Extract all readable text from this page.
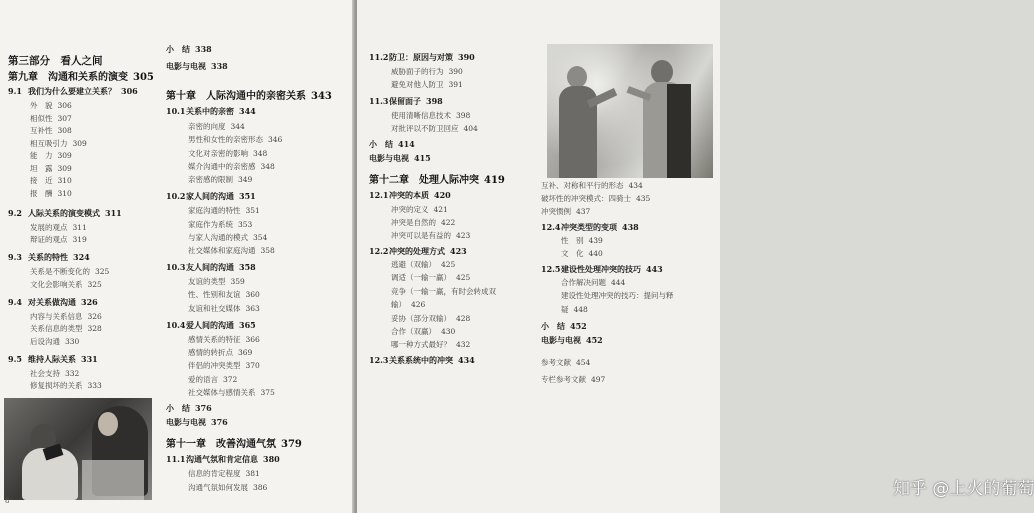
第三部分　看人之间
第九章　沟通和关系的演变 305
9.1 我们为什么要建立关系？ 306
外　貌 306
相似性 307
互补性 308
相互吸引力 309
能　力 309
坦　露 309
接　近 310
报　酬 310
9.2 人际关系的演变模式 311
发展的观点 311
辩证的观点 319
9.3 关系的特性 324
关系是不断变化的 325
文化会影响关系 325
9.4 对关系做沟通 326
内容与关系信息 326
关系信息的类型 328
后设沟通 330
9.5 维持人际关系 331
社会支持 332
修复损坏的关系 333
小　结 338
电影与电视 338
第十章　人际沟通中的亲密关系 343
10.1关系中的亲密 344
亲密的向度 344
男性和女性的亲密形态 346
文化对亲密的影响 348
媒介沟通中的亲密感 348
亲密感的限制 349
10.2家人间的沟通 351
家庭沟通的特性 351
家庭作为系统 353
与家人沟通的模式 354
社交媒体和家庭沟通 358
10.3友人间的沟通 358
友谊的类型 359
性、性别和友谊 360
友谊和社交媒体 363
10.4爱人间的沟通 365
感情关系的特征 366
感情的转折点 369
伴侣的冲突类型 370
爱的语言 372
社交媒体与感情关系 375
小　结 376
电影与电视 376
第十一章　改善沟通气氛 379
11.1沟通气氛和肯定信息 380
信息的肯定程度 381
沟通气氛如何发展 386
8
11.2防卫：原因与对策 390
威胁面子的行为 390
避免对他人防卫 391
11.3保留面子 398
使用清晰信息技术 398
对批评以不防卫回应 404
小　结 414
电影与电视 415
第十二章　处理人际冲突 419
12.1冲突的本质 420
冲突的定义 421
冲突是自然的 422
冲突可以是有益的 423
12.2冲突的处理方式 423
逃避（双输） 425
调适（一输一赢） 425
竞争（一输一赢，有时会转成双
输） 426
妥协（部分双输） 428
合作（双赢） 430
哪一种方式最好？ 432
12.3关系系统中的冲突 434
互补、对称和平行的形态 434
破坏性的冲突模式：四骑士 435
冲突惯例 437
12.4冲突类型的变项 438
性　别 439
文　化 440
12.5建设性处理冲突的技巧 443
合作解决问题 444
建设性处理冲突的技巧：提问与释
疑 448
小　结 452
电影与电视 452
参考文献 454
专栏参考文献 497
知乎 @上火的葡萄
